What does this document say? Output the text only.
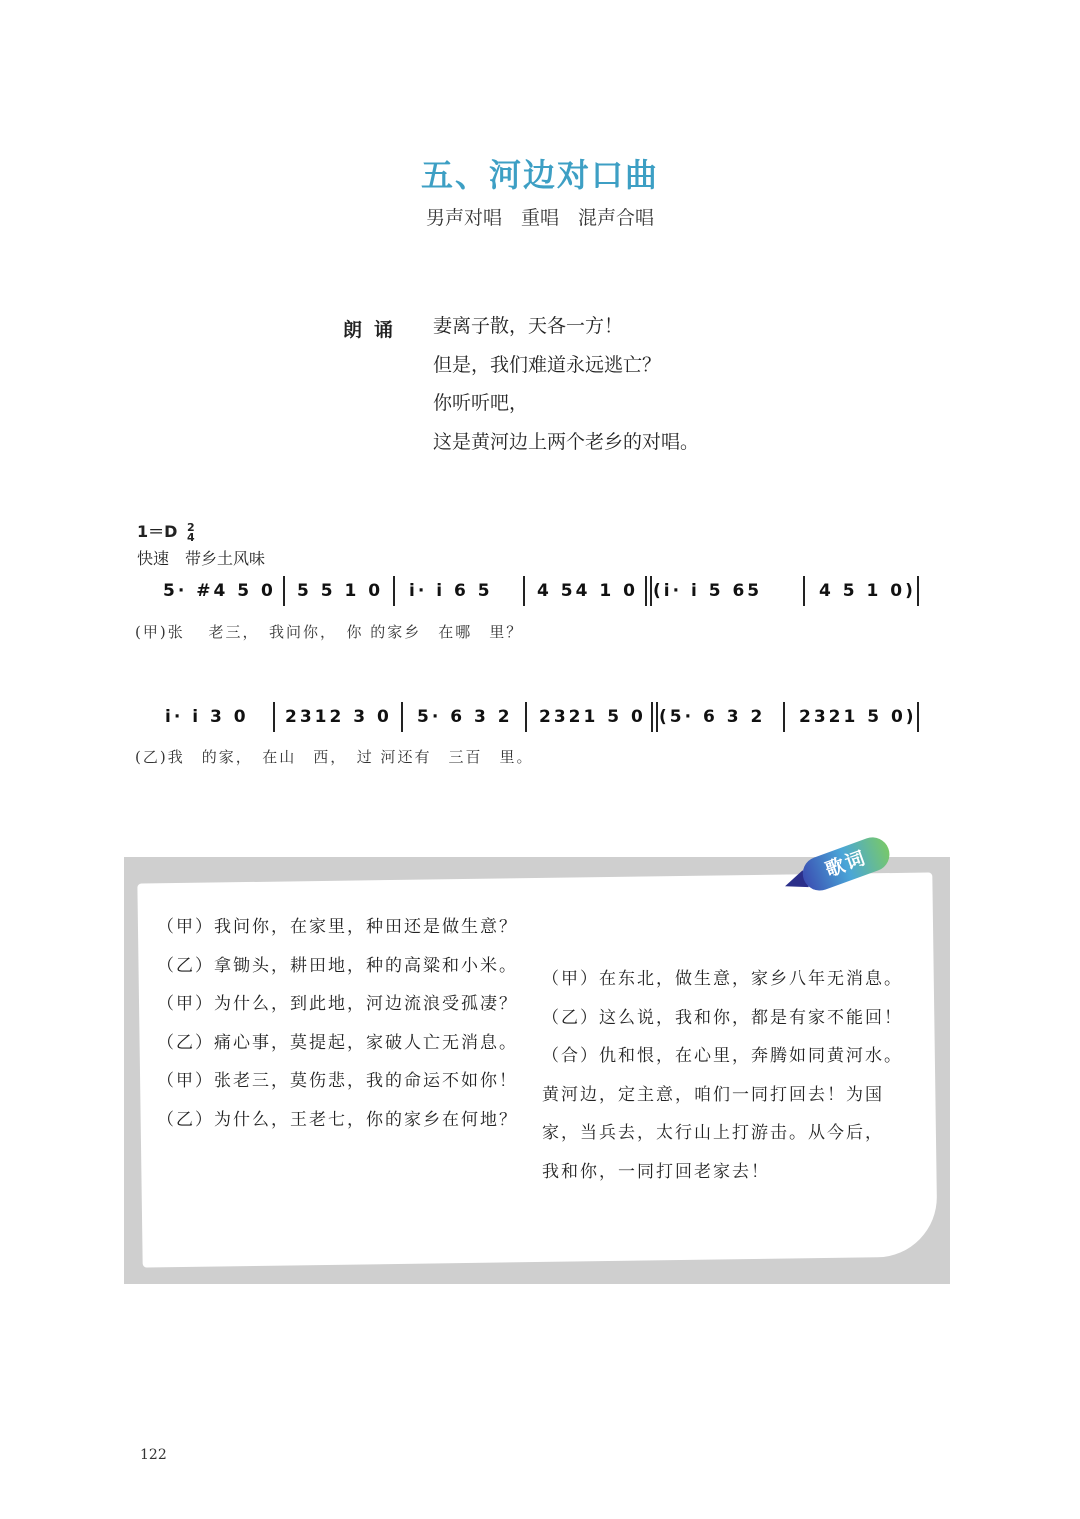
五、河边对口曲
男声对唱　重唱　混声合唱
朗诵 妻离子散，天各一方！
但是，我们难道永远逃亡？
你听听吧，
这是黄河边上两个老乡的对唱。
1＝D 2
4
快速　带乡土风味
5· #4 5 0 5 5 1 0 i· i 6 5	4 54 1 0 (i· i 5 65	4 5 1 0)
(甲)张　 老三，　我问你，　你 的家乡　在哪　里？
i· i 3 0 2312 3 0 5· 6 3 2 2321 5 0 (5· 6 3 2 2321 5 0)
(乙)我　的家，　在山　西，　过 河还有　三百　里。
歌词
（甲）我问你，在家里，种田还是做生意？
（乙）拿锄头，耕田地，种的高粱和小米。
（甲）为什么，到此地，河边流浪受孤凄？
（乙）痛心事，莫提起，家破人亡无消息。
（甲）张老三，莫伤悲，我的命运不如你！
（乙）为什么，王老七，你的家乡在何地？
（甲）在东北，做生意，家乡八年无消息。
（乙）这么说，我和你，都是有家不能回！
（合）仇和恨，在心里，奔腾如同黄河水。
黄河边，定主意，咱们一同打回去！为国
家，当兵去，太行山上打游击。从今后，
我和你，一同打回老家去！
122
